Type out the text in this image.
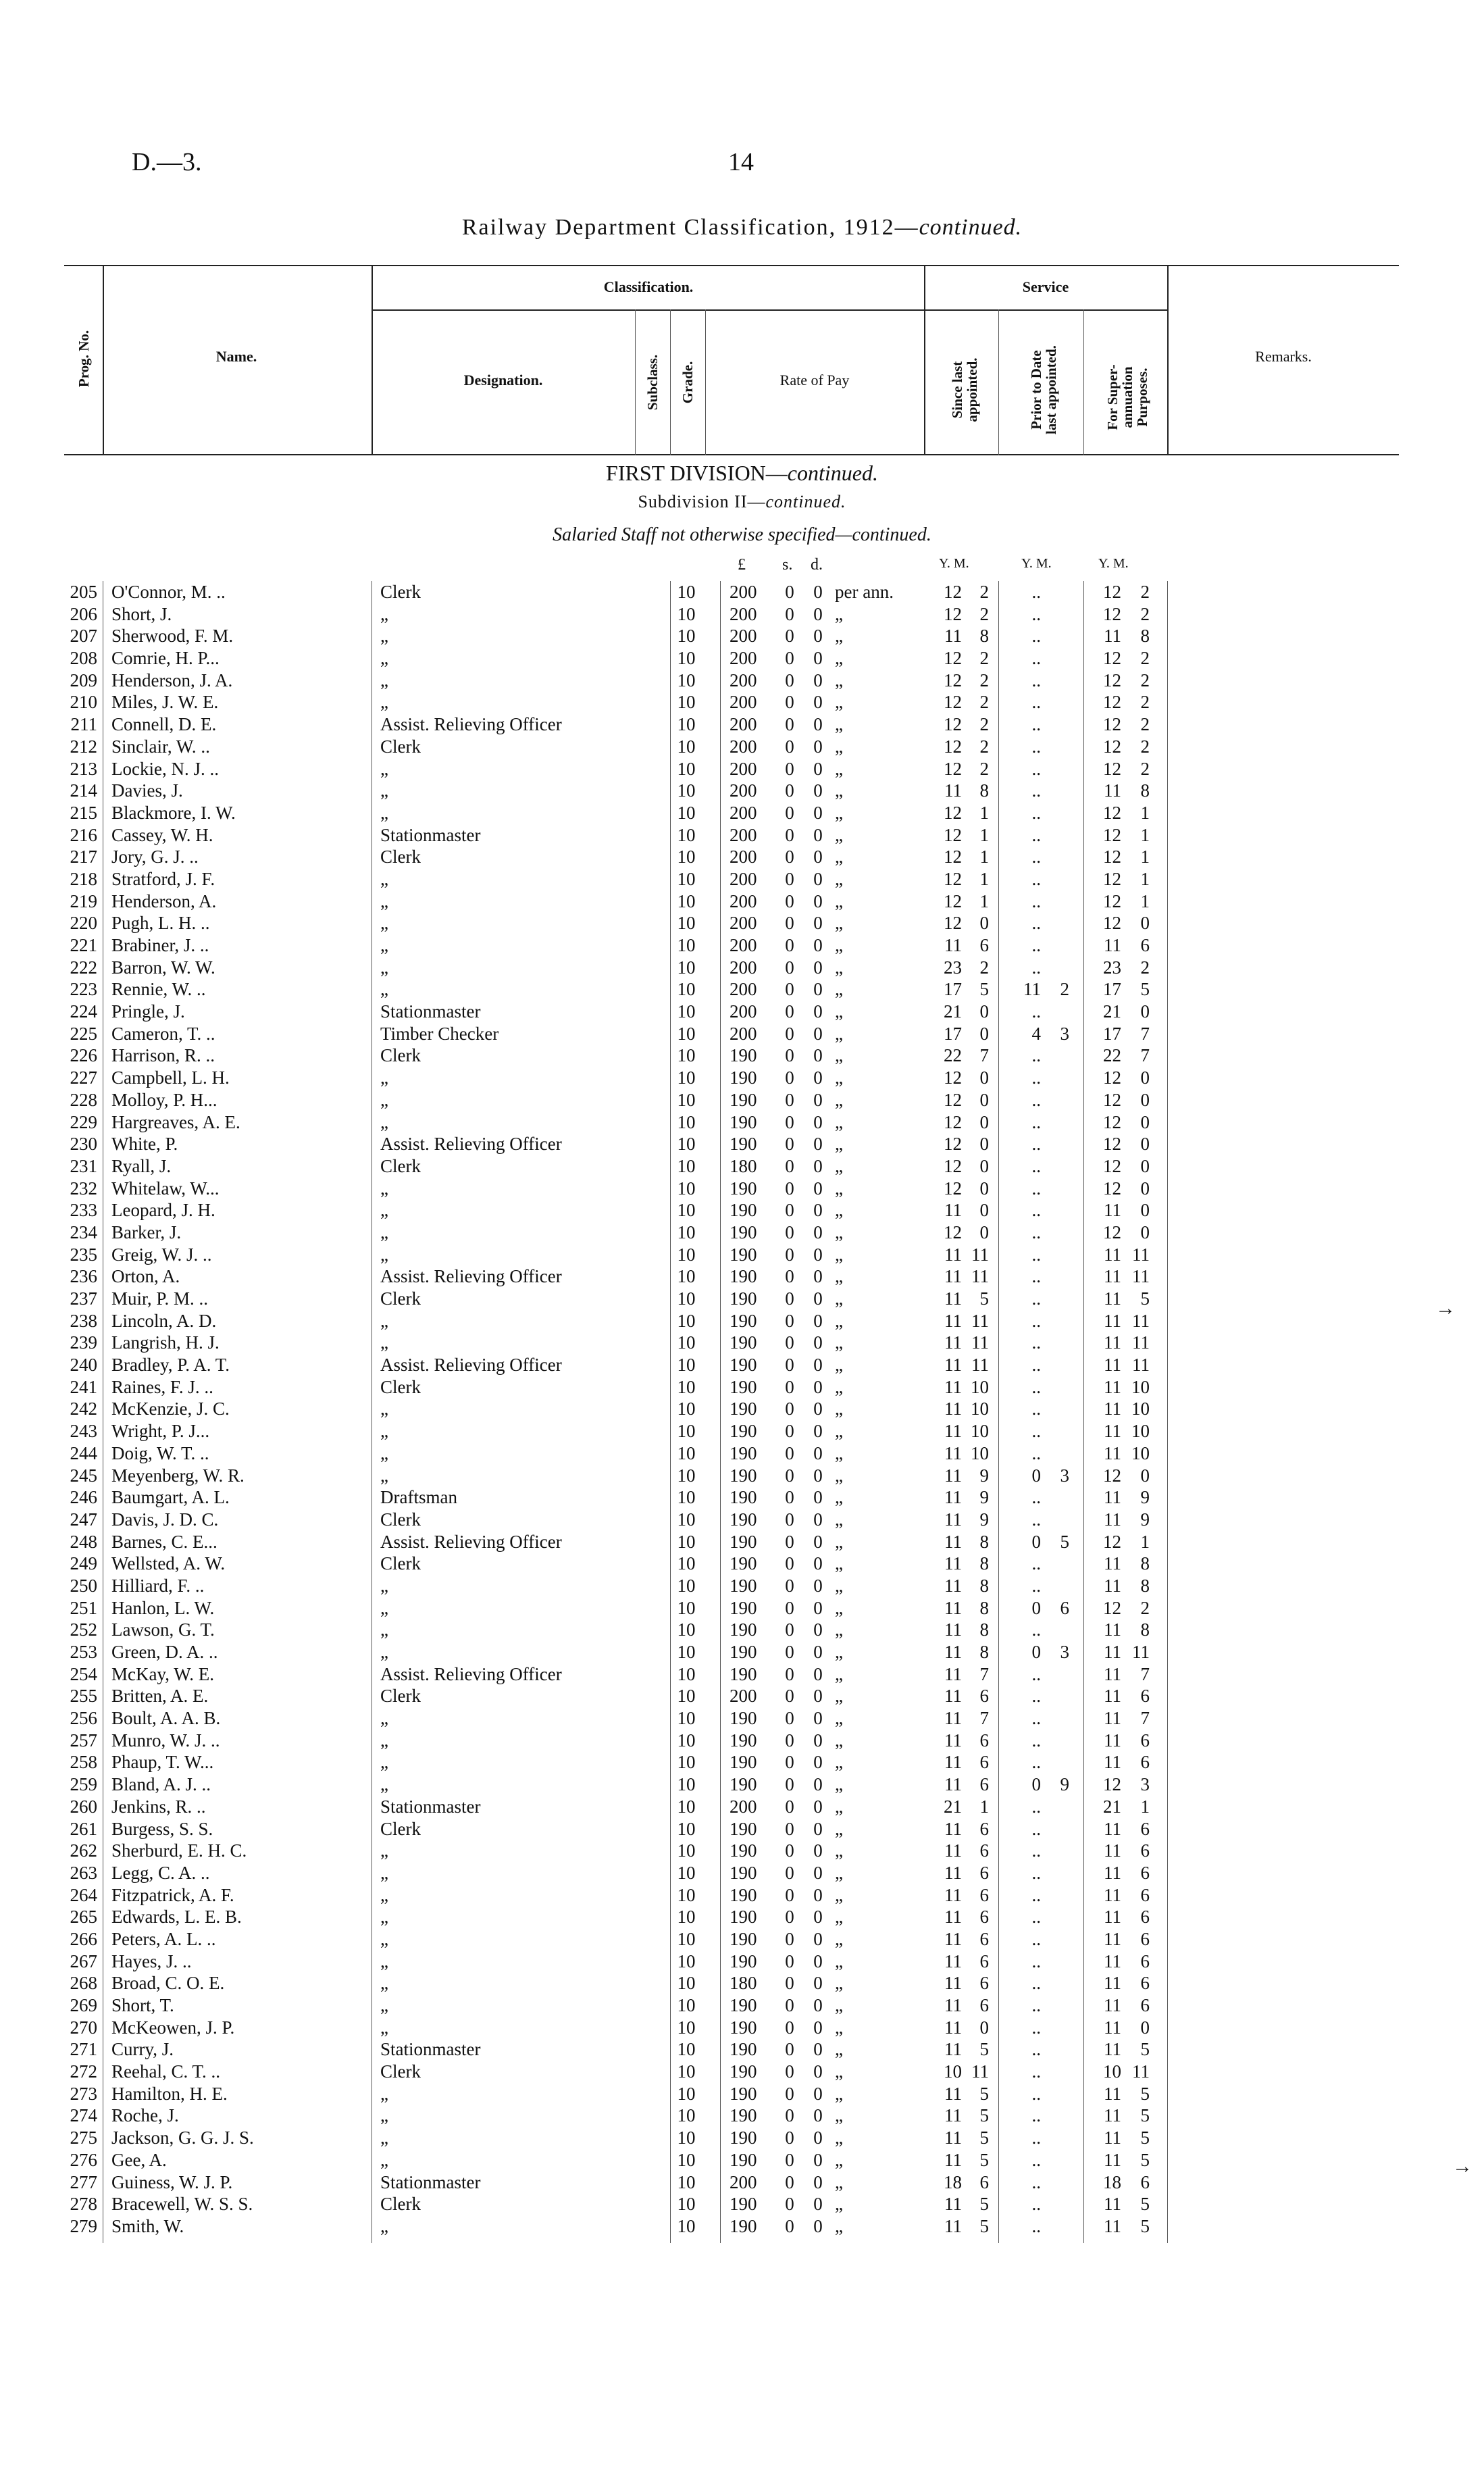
D.—3.	14
Railway Department Classification, 1912—continued.
Prog. No.	Name.
Classification.
Designation.	Subclass. Grade.	Rate of Pay
Service
Since last appointed.	Prior to Date last appointed.	For Super-annuation Purposes.
Remarks.
FIRST DIVISION—continued.
Subdivision II—continued.
Salaried Staff not otherwise specified—continued.
£ s. d.	Y. M.	Y. M.	Y. M.
205 O'Connor, M. ..	Clerk	10 200	0 0 per ann.	12 2	..	12	2
206 Short, J.	„	10 200	0 0 „	12 2	..	12	2
207 Sherwood, F. M.	„	10 200	0 0 „	11 8	..	11	8
208 Comrie, H. P...	„	10 200	0 0 „	12 2	..	12	2
209 Henderson, J. A.	„	10 200	0 0 „	12 2	..	12	2
210 Miles, J. W. E.	„	10 200	0 0 „	12 2	..	12	2
211 Connell, D. E.	Assist. Relieving Officer	10 200	0 0 „	12 2	..	12	2
212 Sinclair, W. ..	Clerk	10 200	0 0 „	12 2	..	12	2
213 Lockie, N. J. ..	„	10 200	0 0 „	12 2	..	12	2
214 Davies, J.	„	10 200	0 0 „	11 8	..	11	8
215 Blackmore, I. W.	„	10 200	0 0 „	12 1	..	12	1
216 Cassey, W. H.	Stationmaster	10 200	0 0 „	12 1	..	12	1
217 Jory, G. J. ..	Clerk	10 200	0 0 „	12 1	..	12	1
218 Stratford, J. F.	„	10 200	0 0 „	12 1	..	12	1
219 Henderson, A.	„	10 200	0 0 „	12 1	..	12	1
220 Pugh, L. H. ..	„	10 200	0 0 „	12 0	..	12	0
221 Brabiner, J. ..	„	10 200	0 0 „	11 6	..	11	6
222 Barron, W. W.	„	10 200	0 0 „	23 2	..	23	2
223 Rennie, W. ..	„	10 200	0 0 „	17 5	11	2	17	5
224 Pringle, J.	Stationmaster	10 200	0 0 „	21 0	..	21	0
225 Cameron, T. ..	Timber Checker	10 200	0 0 „	17 0	4	3	17	7
226 Harrison, R. ..	Clerk	10 190	0 0 „	22 7	..	22	7
227 Campbell, L. H.	„	10 190	0 0 „	12 0	..	12	0
228 Molloy, P. H...	„	10 190	0 0 „	12 0	..	12	0
229 Hargreaves, A. E.	„	10 190	0 0 „	12 0	..	12	0
230 White, P.	Assist. Relieving Officer	10 190	0 0 „	12 0	..	12	0
231 Ryall, J.	Clerk	10 180	0 0 „	12 0	..	12	0
232 Whitelaw, W...	„	10 190	0 0 „	12 0	..	12	0
233 Leopard, J. H.	„	10 190	0 0 „	11 0	..	11	0
234 Barker, J.	„	10 190	0 0 „	12 0	..	12	0
235 Greig, W. J. ..	„	10 190	0 0 „	11 11	..	11 11
236 Orton, A.	Assist. Relieving Officer	10 190	0 0 „	11 11	..	11 11
237 Muir, P. M. ..	Clerk	10 190	0 0 „	11 5	..	11	5
238 Lincoln, A. D.	„	10 190	0 0 „	11 11	..	11 11
239 Langrish, H. J.	„	10 190	0 0 „	11 11	..	11 11
240 Bradley, P. A. T.	Assist. Relieving Officer	10 190	0 0 „	11 11	..	11 11
241 Raines, F. J. ..	Clerk	10 190	0 0 „	11 10	..	11 10
242 McKenzie, J. C.	„	10 190	0 0 „	11 10	..	11 10
243 Wright, P. J...	„	10 190	0 0 „	11 10	..	11 10
244 Doig, W. T. ..	„	10 190	0 0 „	11 10	..	11 10
245 Meyenberg, W. R.	„	10 190	0 0 „	11 9	0	3	12	0
246 Baumgart, A. L.	Draftsman	10 190	0 0 „	11 9	..	11	9
247 Davis, J. D. C.	Clerk	10 190	0 0 „	11 9	..	11	9
248 Barnes, C. E...	Assist. Relieving Officer	10 190	0 0 „	11 8	0	5	12	1
249 Wellsted, A. W.	Clerk	10 190	0 0 „	11 8	..	11	8
250 Hilliard, F. ..	„	10 190	0 0 „	11 8	..	11	8
251 Hanlon, L. W.	„	10 190	0 0 „	11 8	0	6	12	2
252 Lawson, G. T.	„	10 190	0 0 „	11 8	..	11	8
253 Green, D. A. ..	„	10 190	0 0 „	11 8	0	3	11 11
254 McKay, W. E.	Assist. Relieving Officer	10 190	0 0 „	11 7	..	11	7
255 Britten, A. E.	Clerk	10 200	0 0 „	11 6	..	11	6
256 Boult, A. A. B.	„	10 190	0 0 „	11 7	..	11	7
257 Munro, W. J. ..	„	10 190	0 0 „	11 6	..	11	6
258 Phaup, T. W...	„	10 190	0 0 „	11 6	..	11	6
259 Bland, A. J. ..	„	10 190	0 0 „	11 6	0	9	12	3
260 Jenkins, R. ..	Stationmaster	10 200	0 0 „	21 1	..	21	1
261 Burgess, S. S.	Clerk	10 190	0 0 „	11 6	..	11	6
262 Sherburd, E. H. C.	„	10 190	0 0 „	11 6	..	11	6
263 Legg, C. A. ..	„	10 190	0 0 „	11 6	..	11	6
264 Fitzpatrick, A. F.	„	10 190	0 0 „	11 6	..	11	6
265 Edwards, L. E. B.	„	10 190	0 0 „	11 6	..	11	6
266 Peters, A. L. ..	„	10 190	0 0 „	11 6	..	11	6
267 Hayes, J. ..	„	10 190	0 0 „	11 6	..	11	6
268 Broad, C. O. E.	„	10 180	0 0 „	11 6	..	11	6
269 Short, T.	„	10 190	0 0 „	11 6	..	11	6
270 McKeowen, J. P.	„	10 190	0 0 „	11 0	..	11	0
271 Curry, J.	Stationmaster	10 190	0 0 „	11 5	..	11	5
272 Reehal, C. T. ..	Clerk	10 190	0 0 „	10 11	..	10 11
273 Hamilton, H. E.	„	10 190	0 0 „	11 5	..	11	5
274 Roche, J.	„	10 190	0 0 „	11 5	..	11	5
275 Jackson, G. G. J. S.	„	10 190	0 0 „	11 5	..	11	5
276 Gee, A.	„	10 190	0 0 „	11 5	..	11	5
277 Guiness, W. J. P.	Stationmaster	10 200	0 0 „	18 6	..	18	6
278 Bracewell, W. S. S.	Clerk	10 190	0 0 „	11 5	..	11	5
279 Smith, W.	„	10 190	0 0 „	11 5	..	11	5
→
→
